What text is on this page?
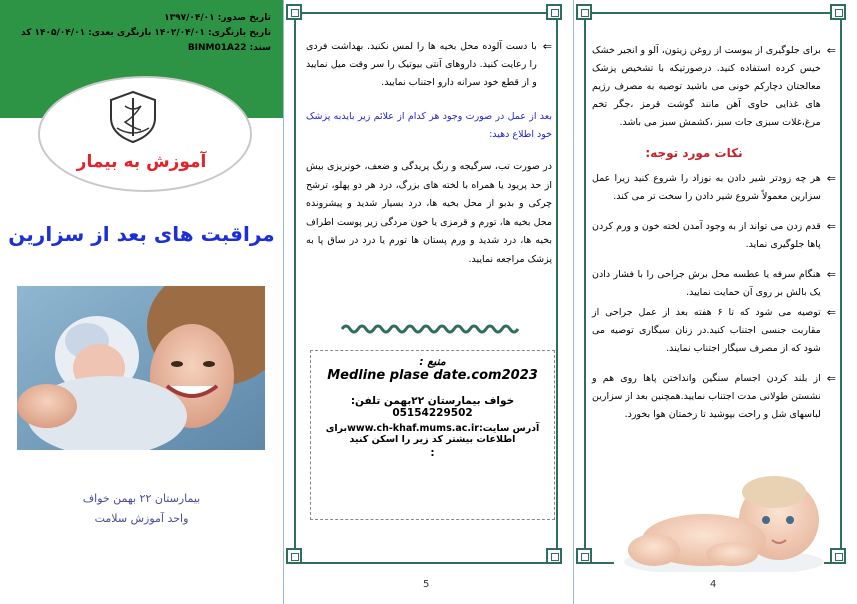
⇐
برای جلوگیری از یبوست از روغن زیتون، آلو و انجیر خشک خیس کرده استفاده کنید. درصورتیکه با تشخیص پزشک معالجتان دچارکم خونی می باشید توصیه به مصرف رژیم های غذایی حاوی آهن مانند گوشت قرمز ،جگر تخم مرغ،غلات سبزی جات سبز ،کشمش سبز می باشد.
نکات مورد توجه:
⇐
هر چه زودتر شیر دادن به نوزاد را شروع کنید زیرا عمل سزارین معمولاً شروع شیر دادن را سخت تر می کند.
⇐
قدم زدن می تواند از به وجود آمدن لخته خون و ورم کردن پاها جلوگیری نماید.
⇐
هنگام سرفه یا عطسه محل برش جراحی را با فشار دادن یک بالش بر روی آن حمایت نمایید.
⇐
توصیه می شود که تا ۶ هفته بعد از عمل جراحی از مقاربت جنسی اجتناب کنید.در زنان سیگاری توصیه می شود که از مصرف سیگار اجتناب نمایند.
⇐
از بلند کردن اجسام سنگین وانداختن پاها روی هم و نشستن طولانی مدت اجتناب نمایید.همچنین بعد از سزارین لباسهای شل و راحت بپوشید تا زخمتان هوا بخورد.
4
⇐
با دست آلوده محل بخیه ها را لمس نکنید. بهداشت فردی را رعایت کنید. داروهای آنتی بیوتیک را سر وقت میل نمایید و از قطع خود سرانه دارو اجتناب نمایید.
بعد از عمل در صورت وجود هر کدام از علائم زیر بایدبه پزشک خود اطلاع دهید:
در صورت تب، سرگیجه و رنگ پریدگی و ضعف، خونریزی بیش از حد پریود یا همراه با لخته های بزرگ، درد هر دو پهلو، ترشح چرکی و بدبو از محل بخیه ها، درد بسیار شدید و پیشرونده محل بخیه ها، تورم و قرمزی یا خون مردگی زیر پوست اطراف بخیه ها، درد شدید و ورم پستان ها تورم یا درد در ساق پا به پزشک مراجعه نمایید.
منبع :
Medline plase date.com2023
خواف بیمارستان ۲۲بهمن تلفن: 05154229502
آدرس سایت:www.ch-khaf.mums.ac.irبرای اطلاعات بیشتر کد زیر را اسکن کنید
:
5
تاریخ صدور: ۱۳۹۷/۰۴/۰۱
تاریخ بازنگری: ۱۴۰۲/۰۴/۰۱ بازنگری بعدی: ۱۴۰۵/۰۴/۰۱ کد
سند: BINM01A22
آموزش به بیمار
مراقبت های بعد از سزارین
بیمارستان ۲۲ بهمن خواف
واحد آموزش سلامت
